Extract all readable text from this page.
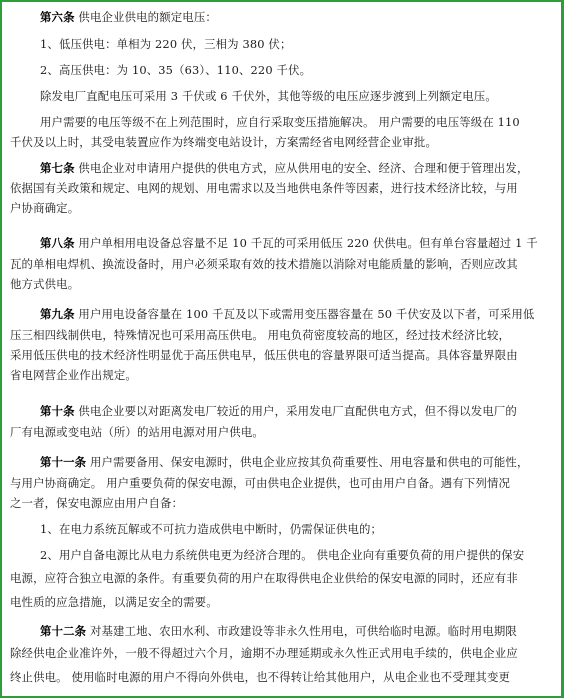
第六条 供电企业供电的额定电压：
1、低压供电：单相为 220 伏，三相为 380 伏；
2、高压供电：为 10、35（63）、110、220 千伏。
除发电厂直配电压可采用 3 千伏或 6 千伏外，其他等级的电压应逐步渡到上列额定电压。
用户需要的电压等级不在上列范围时，应自行采取变压措施解决。 用户需要的电压等级在 110
千伏及以上时，其受电装置应作为终端变电站设计，方案需经省电网经营企业审批。
第七条 供电企业对申请用户提供的供电方式，应从供用电的安全、经济、合理和便于管理出发，
依据国有关政策和规定、电网的规划、用电需求以及当地供电条件等因素，进行技术经济比较，与用
户协商确定。
第八条 用户单相用电设备总容量不足 10 千瓦的可采用低压 220 伏供电。但有单台容量超过 1 千
瓦的单相电焊机、换流设备时，用户必须采取有效的技术措施以消除对电能质量的影响，否则应改其
他方式供电。
第九条 用户用电设备容量在 100 千瓦及以下或需用变压器容量在 50 千伏安及以下者，可采用低
压三相四线制供电，特殊情况也可采用高压供电。 用电负荷密度较高的地区，经过技术经济比较，
采用低压供电的技术经济性明显优于高压供电早，低压供电的容量界限可适当提高。具体容量界限由
省电网营企业作出规定。
第十条 供电企业要以对距离发电厂较近的用户，采用发电厂直配供电方式，但不得以发电厂的
厂有电源或变电站（所）的站用电源对用户供电。
第十一条 用户需要备用、保安电源时，供电企业应按其负荷重要性、用电容量和供电的可能性，
与用户协商确定。 用户重要负荷的保安电源，可由供电企业提供，也可由用户自备。遇有下列情况
之一者，保安电源应由用户自备：
1、在电力系统瓦解或不可抗力造成供电中断时，仍需保证供电的；
2、用户自备电源比从电力系统供电更为经济合理的。 供电企业向有重要负荷的用户提供的保安
电源，应符合独立电源的条件。有重要负荷的用户在取得供电企业供给的保安电源的同时，还应有非
电性质的应急措施，以满足安全的需要。
第十二条 对基建工地、农田水利、市政建设等非永久性用电，可供给临时电源。临时用电期限
除经供电企业准许外，一般不得超过六个月，逾期不办理延期或永久性正式用电手续的，供电企业应
终止供电。 使用临时电源的用户不得向外供电，也不得转让给其他用户，从电企业也不受理其变更
